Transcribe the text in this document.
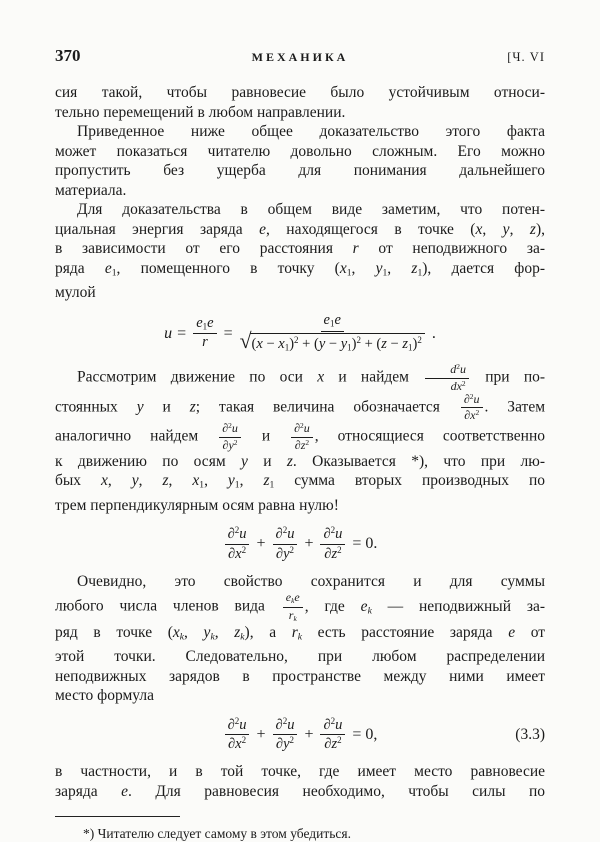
370	МЕХАНИКА	[Ч. VI
сия такой, чтобы равновесие было устойчивым относи-
тельно перемещений в любом направлении.
Приведенное ниже общее доказательство этого факта
может показаться читателю довольно сложным. Его можно
пропустить без ущерба для понимания дальнейшего
материала.
Для доказательства в общем виде заметим, что потен-
циальная энергия заряда e, находящегося в точке (x, y, z),
в зависимости от его расстояния r от неподвижного за-
ряда e1, помещенного в точку (x1, y1, z1), дается фор-
мулой
$u = \frac{e1e}{r} = \frac{e1e}{√ (x - x1)^2 + (y - y1)^2 + (z - z1)^2}$ .
Рассмотрим движение по оси x и найдем $\frac{d^2u}{dx^2}$ при по-
стоянных y и z; такая величина обозначается $\frac{\partial^2u}{\partial x^2}$ . Затем
аналогично найдем $\frac{\partial^2u}{\partial y^2}$ и $\frac{\partial^2u}{\partial z^2}$ , относящиеся соответственно
к движению по осям y и z. Оказывается *), что при лю-
бых x, y, z, x1, y1, z1 сумма вторых производных по
трем перпендикулярным осям равна нулю!
$\frac{\partial^2u}{\partial x^2} + \frac{\partial^2u}{\partial y^2} + \frac{\partial^2u}{\partial z^2} = 0$.
Очевидно, это свойство сохранится и для суммы
любого числа членов вида $\frac{\text{eke}}{rk}$ , где ek — неподвижный за-
ряд в точке (xk, yk, zk), а rk есть расстояние заряда e от
этой точки. Следовательно, при любом распределении
неподвижных зарядов в пространстве между ними имеет
место формула
$\frac{\partial^2u}{\partial x^2} + \frac{\partial^2u}{\partial y^2} + \frac{\partial^2u}{\partial z^2} = 0$,	(3.3)
в частности, и в той точке, где имеет место равновесие
заряда e. Для равновесия необходимо, чтобы силы по
*) Читателю следует самому в этом убедиться.
